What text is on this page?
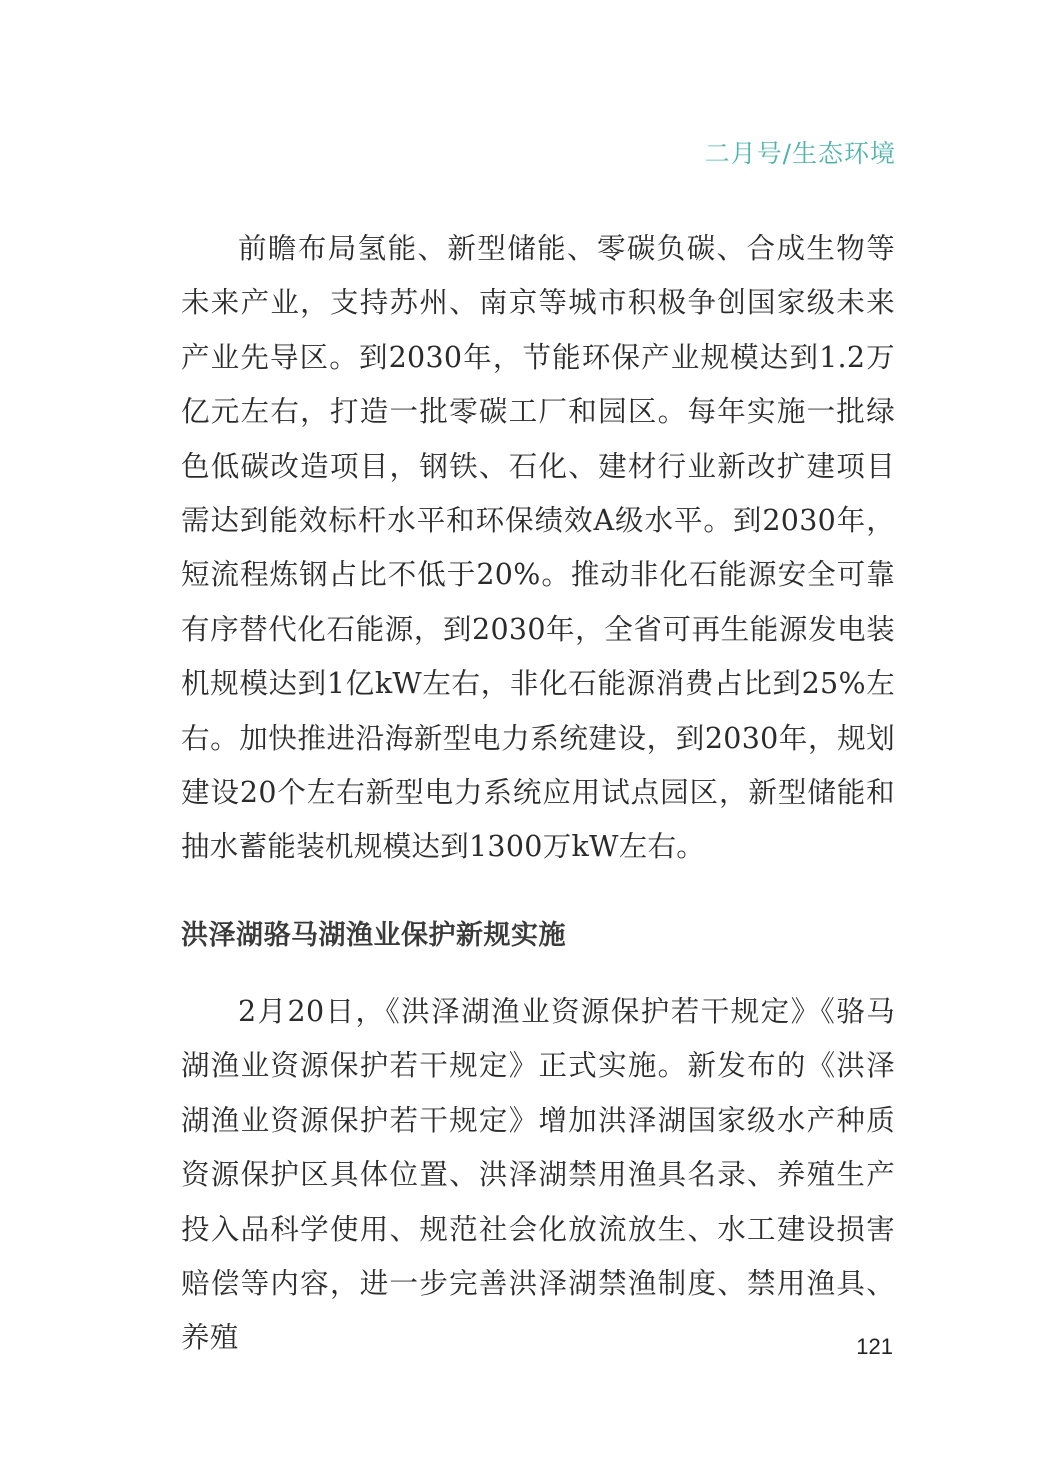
二月号∕生态环境

前瞻布局氢能、新型储能、零碳负碳、合成生物等未来产业，支持苏州、南京等城市积极争创国家级未来产业先导区。到2030年，节能环保产业规模达到1.2万亿元左右，打造一批零碳工厂和园区。每年实施一批绿色低碳改造项目，钢铁、石化、建材行业新改扩建项目需达到能效标杆水平和环保绩效A级水平。到2030年，短流程炼钢占比不低于20%。推动非化石能源安全可靠有序替代化石能源，到2030年，全省可再生能源发电装机规模达到1亿kW左右，非化石能源消费占比到25%左右。加快推进沿海新型电力系统建设，到2030年，规划建设20个左右新型电力系统应用试点园区，新型储能和抽水蓄能装机规模达到1300万kW左右。

洪泽湖骆马湖渔业保护新规实施

2月20日，《洪泽湖渔业资源保护若干规定》《骆马湖渔业资源保护若干规定》正式实施。新发布的《洪泽湖渔业资源保护若干规定》增加洪泽湖国家级水产种质资源保护区具体位置、洪泽湖禁用渔具名录、养殖生产投入品科学使用、规范社会化放流放生、水工建设损害赔偿等内容，进一步完善洪泽湖禁渔制度、禁用渔具、养殖	121
